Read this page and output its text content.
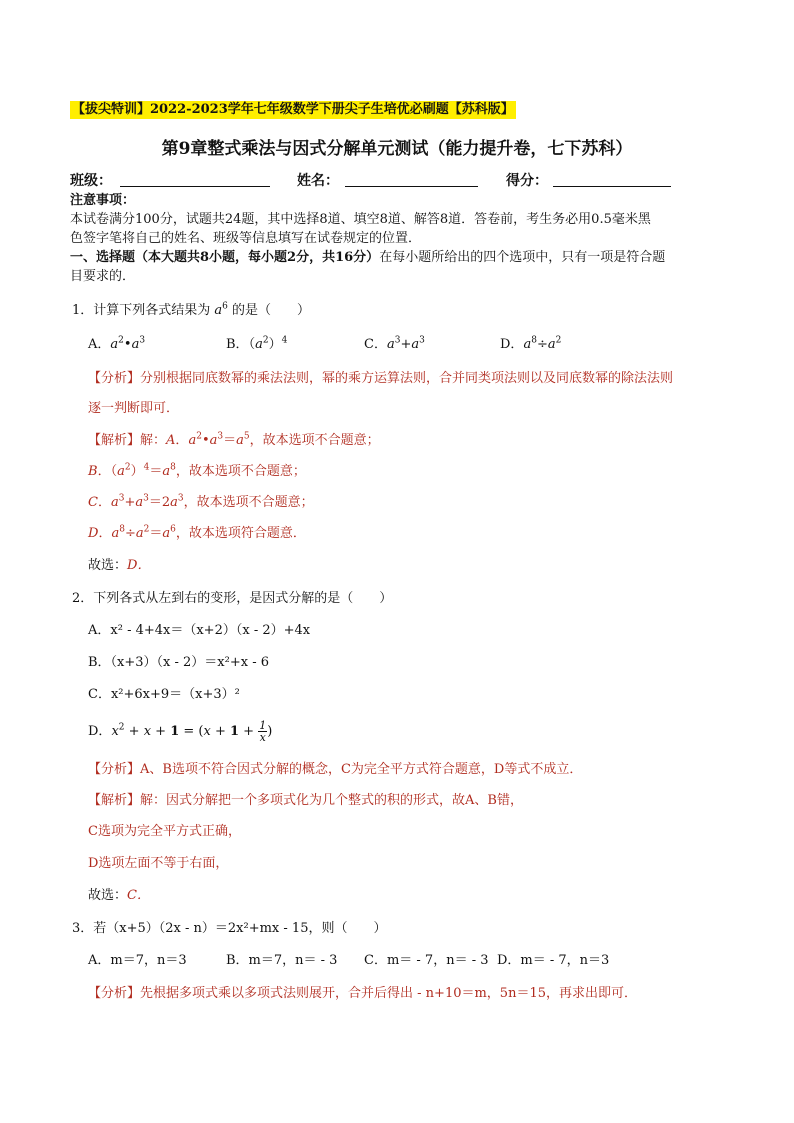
【拔尖特训】2022-2023学年七年级数学下册尖子生培优必刷题【苏科版】
第9章整式乘法与因式分解单元测试（能力提升卷，七下苏科）
班级：	姓名：	得分：
注意事项：
本试卷满分100分，试题共24题，其中选择8道、填空8道、解答8道．答卷前，考生务必用0.5毫米黑
色签字笔将自己的姓名、班级等信息填写在试卷规定的位置．
一、选择题（本大题共8小题，每小题2分，共16分）在每小题所给出的四个选项中，只有一项是符合题
目要求的．
1．计算下列各式结果为 $a^6$ 的是（　　）
A．$a^2•a^3$	B．$(a^2)^4$	C．$a^3+a^3$	D．$a^8\div a^2$
【分析】分别根据同底数幂的乘法法则，幂的乘方运算法则，合并同类项法则以及同底数幂的除法法则
逐一判断即可．
【解析】解：A．$a^2•a^3=a^5$，故本选项不合题意；
B．$(a^2)^4=a^8$，故本选项不合题意；
C．$a^3+a^3=2a^3$，故本选项不合题意；
D．$a^8\div a^2=a^6$，故本选项符合题意．
故选：D．
2．下列各式从左到右的变形，是因式分解的是（　　）
A．x² - 4+4x＝（x+2）（x - 2）+4x
B．（x+3）（x - 2）＝x²+x - 6
C．x²+6x+9＝（x+3）²
D．$x^2 + x + 1 = (x + 1 + \frac{1}{x}$ )
【分析】A、B选项不符合因式分解的概念，C为完全平方式符合题意，D等式不成立．
【解析】解：因式分解把一个多项式化为几个整式的积的形式，故A、B错，
C选项为完全平方式正确，
D选项左面不等于右面，
故选：C．
3．若（x+5）（2x - n）＝2x²+mx - 15，则（　　）
A．m＝7，n＝3	B．m＝7，n＝ - 3 C．m＝ - 7，n＝ - 3 D．m＝ - 7，n＝3
【分析】先根据多项式乘以多项式法则展开，合并后得出 - n+10＝m，5n＝15，再求出即可．
